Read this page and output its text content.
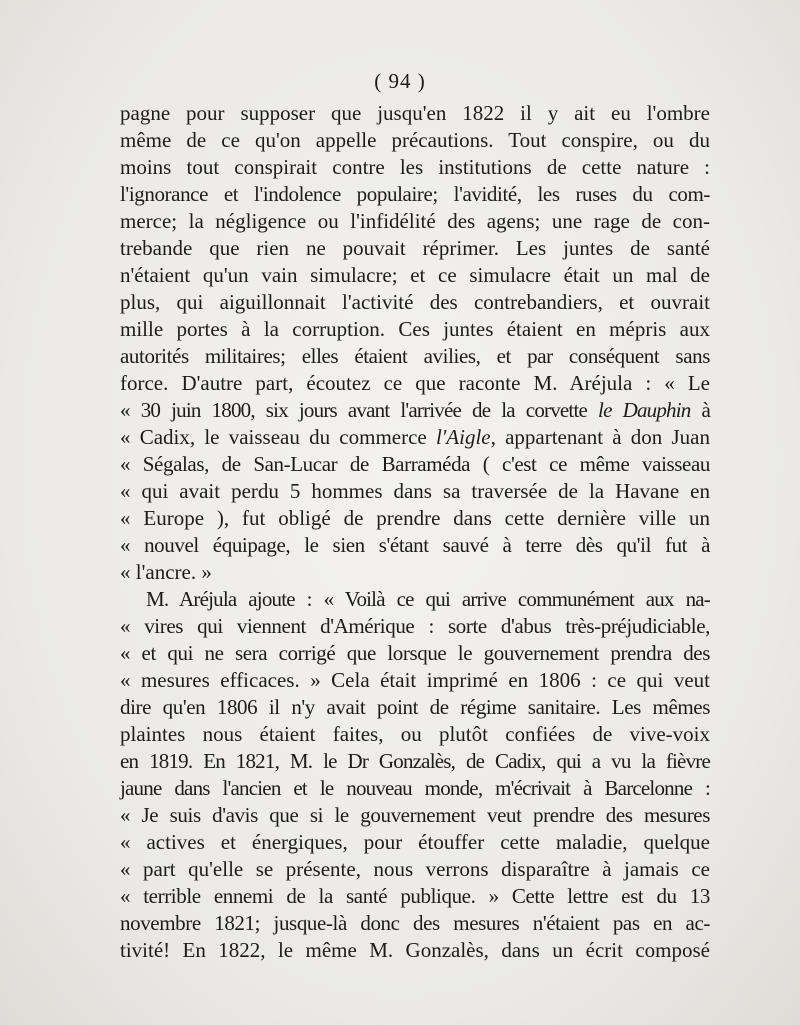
( 94 )
pagne pour supposer que jusqu'en 1822 il y ait eu l'ombre
même de ce qu'on appelle précautions. Tout conspire, ou du
moins tout conspirait contre les institutions de cette nature :
l'ignorance et l'indolence populaire; l'avidité, les ruses du com-
merce; la négligence ou l'infidélité des agens; une rage de con-
trebande que rien ne pouvait réprimer. Les juntes de santé
n'étaient qu'un vain simulacre; et ce simulacre était un mal de
plus, qui aiguillonnait l'activité des contrebandiers, et ouvrait
mille portes à la corruption. Ces juntes étaient en mépris aux
autorités militaires; elles étaient avilies, et par conséquent sans
force. D'autre part, écoutez ce que raconte M. Aréjula : « Le
« 30 juin 1800, six jours avant l'arrivée de la corvette le Dauphin à
« Cadix, le vaisseau du commerce l'Aigle, appartenant à don Juan
« Ségalas, de San-Lucar de Barraméda ( c'est ce même vaisseau
« qui avait perdu 5 hommes dans sa traversée de la Havane en
« Europe ), fut obligé de prendre dans cette dernière ville un
« nouvel équipage, le sien s'étant sauvé à terre dès qu'il fut à
« l'ancre. »
M. Aréjula ajoute : « Voilà ce qui arrive communément aux na-
« vires qui viennent d'Amérique : sorte d'abus très-préjudiciable,
« et qui ne sera corrigé que lorsque le gouvernement prendra des
« mesures efficaces. » Cela était imprimé en 1806 : ce qui veut
dire qu'en 1806 il n'y avait point de régime sanitaire. Les mêmes
plaintes nous étaient faites, ou plutôt confiées de vive-voix
en 1819. En 1821, M. le Dr Gonzalès, de Cadix, qui a vu la fièvre
jaune dans l'ancien et le nouveau monde, m'écrivait à Barcelonne :
« Je suis d'avis que si le gouvernement veut prendre des mesures
« actives et énergiques, pour étouffer cette maladie, quelque
« part qu'elle se présente, nous verrons disparaître à jamais ce
« terrible ennemi de la santé publique. » Cette lettre est du 13
novembre 1821; jusque-là donc des mesures n'étaient pas en ac-
tivité! En 1822, le même M. Gonzalès, dans un écrit composé
